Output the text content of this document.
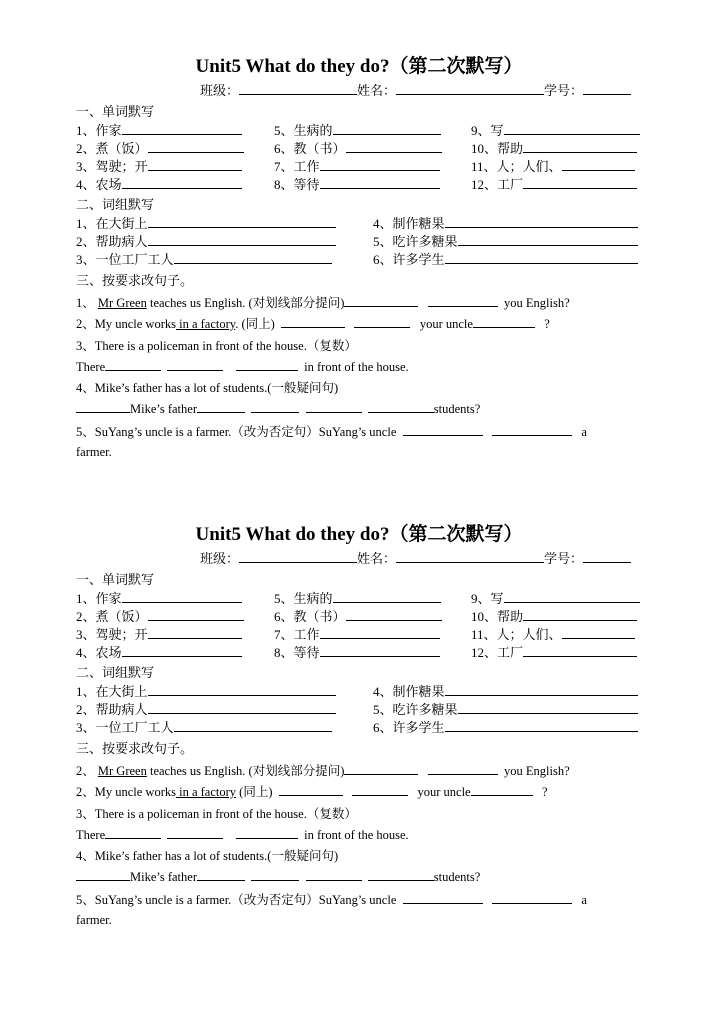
Unit5 What do they do?（第二次默写）
班级：	姓名：	学号：
一、单词默写
1、作家	5、生病的	9、写
2、煮（饭）	6、教（书）	10、帮助
3、驾驶；开	7、工作	11、人；人们、
4、农场	8、等待	12、工厂
二、词组默写
1、在大街上	4、制作糖果
2、帮助病人	5、吃许多糖果
3、一位工厂工人	6、许多学生
三、按要求改句子。
1、 Mr Green teaches us English. (对划线部分提问)	you English?
2、My uncle works in a factory. (同上)	your uncle	?
3、There is a policeman in front of the house.（复数）
There	in front of the house.
4、Mike’s father has a lot of students.(一般疑问句)
Mike’s father	students?
5、SuYang’s uncle is a farmer.（改为否定句）SuYang’s uncle	a
farmer.
Unit5 What do they do?（第二次默写）
班级：	姓名：	学号：
一、单词默写
1、作家	5、生病的	9、写
2、煮（饭）	6、教（书）	10、帮助
3、驾驶；开	7、工作	11、人；人们、
4、农场	8、等待	12、工厂
二、词组默写
1、在大街上	4、制作糖果
2、帮助病人	5、吃许多糖果
3、一位工厂工人	6、许多学生
三、按要求改句子。
2、 Mr Green teaches us English. (对划线部分提问)	you English?
2、My uncle works in a factory (同上)	your uncle	?
3、There is a policeman in front of the house.（复数）
There	in front of the house.
4、Mike’s father has a lot of students.(一般疑问句)
Mike’s father	students?
5、SuYang’s uncle is a farmer.（改为否定句）SuYang’s uncle	a
farmer.
